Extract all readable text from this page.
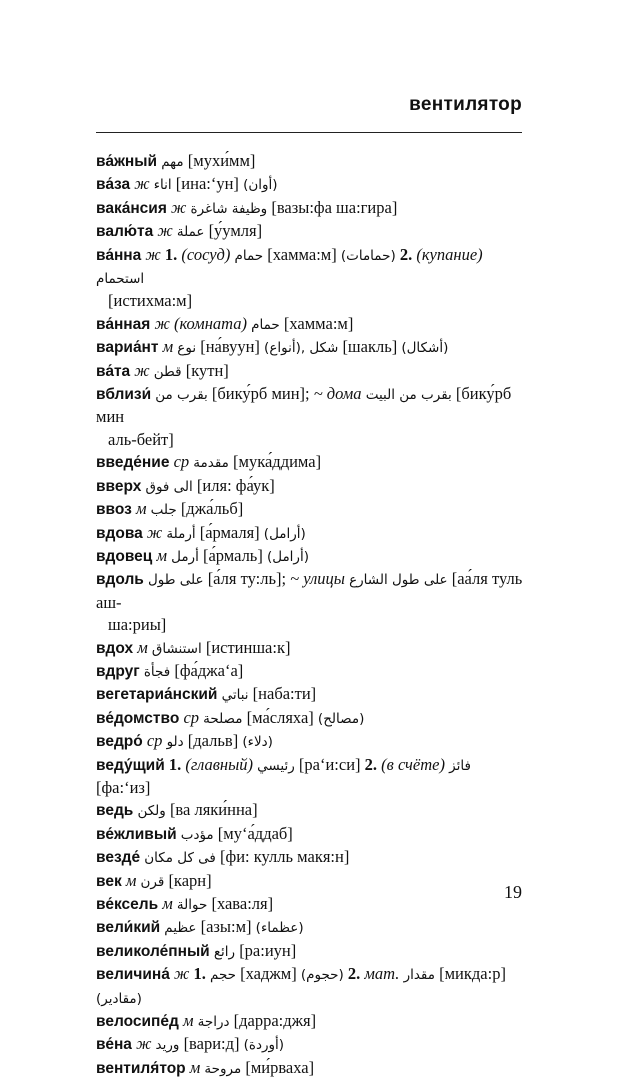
вентилятор

ва́жный مهم [мухи́мм]

ва́за ж اناء [ина:‘ун] (أوان)

вака́нсия ж وظيفة شاغرة [вазы:фа ша:гира]

валю́та ж عملة [у́умля]

ва́нна ж 1. (сосуд) حمام [хамма:м] (حمامات) 2. (купание) استحمام
[истихма:м]

ва́нная ж (комната) حمام [хамма:м]

вариа́нт м نوع [на́вуун] (أنواع), شكل [шакль] (أشكال)

ва́та ж قطن [кутн]

вблизи́ بقرب من [бику́рб мин]; ~ дома بقرب من البيت [бику́рб мин
аль-бейт]

введе́ние ср مقدمة [мука́ддима]

вверх الى فوق [иля: фа́ук]

ввоз м جلب [джа́льб]

вдова ж أرملة [а́рмаля] (أرامل)

вдовец м أرمل [а́рмаль] (أرامل)

вдоль على طول [а́ля ту:ль]; ~ улицы على طول الشارع [аа́ля туль аш-
ша:риы]

вдох м استنشاق [истинша:к]

вдруг فجأة [фа́джа‘а]

вегетариа́нский نباتي [наба:ти]

ве́домство ср مصلحة [ма́сляха] (مصالح)

ведро́ ср دلو [дальв] (دلاء)

веду́щий 1. (главный) رئيسي [ра‘и:си] 2. (в счёте) فائز [фа:‘из]

ведь ولكن [ва ляки́нна]

ве́жливый مؤدب [му‘а́ддаб]

везде́ فى كل مكان [фи: кулль макя:н]

век м قرن [карн]

ве́ксель м حوالة [хава:ля]

вели́кий عظيم [азы:м] (عظماء)

великоле́пный رائع [ра:иун]

величина́ ж 1. حجم [хаджм] (حجوم) 2. мат. مقدار [микда:р] (مقادير)

велосипе́д м دراجة [дарра:джя]

ве́на ж وريد [вари:д] (أوردة)

вентиля́тор м مروحة [ми́рваха]

19
